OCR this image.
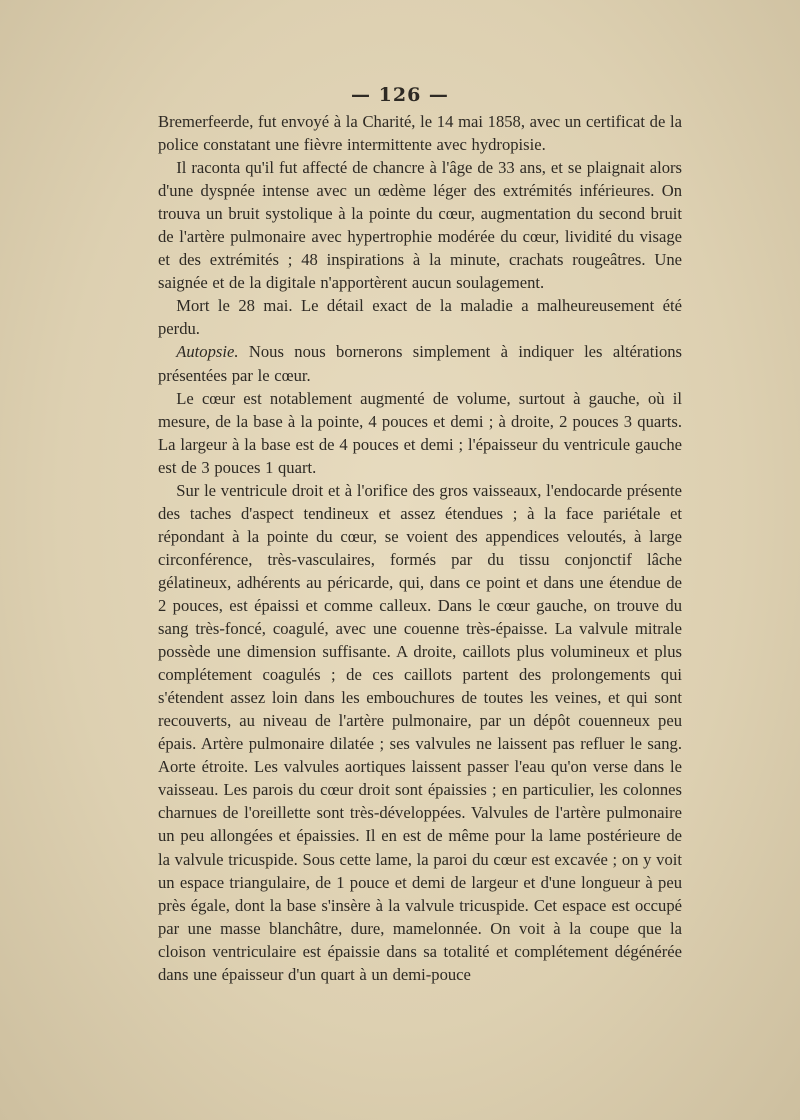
— 126 —

Bremerfeerde, fut envoyé à la Charité, le 14 mai 1858, avec un certificat de la police constatant une fièvre intermittente avec hydropisie.

Il raconta qu'il fut affecté de chancre à l'âge de 33 ans, et se plaignait alors d'une dyspnée intense avec un œdème léger des extrémités inférieures. On trouva un bruit systolique à la pointe du cœur, augmentation du second bruit de l'artère pulmonaire avec hypertrophie modérée du cœur, lividité du visage et des extrémités ; 48 inspirations à la minute, crachats rougeâtres. Une saignée et de la digitale n'apportèrent aucun soulagement.

Mort le 28 mai. Le détail exact de la maladie a malheureusement été perdu.

Autopsie. Nous nous bornerons simplement à indiquer les altérations présentées par le cœur.

Le cœur est notablement augmenté de volume, surtout à gauche, où il mesure, de la base à la pointe, 4 pouces et demi ; à droite, 2 pouces 3 quarts. La largeur à la base est de 4 pouces et demi ; l'épaisseur du ventricule gauche est de 3 pouces 1 quart.

Sur le ventricule droit et à l'orifice des gros vaisseaux, l'endocarde présente des taches d'aspect tendineux et assez étendues ; à la face pariétale et répondant à la pointe du cœur, se voient des appendices veloutés, à large circonférence, très-vasculaires, formés par du tissu conjonctif lâche gélatineux, adhérents au péricarde, qui, dans ce point et dans une étendue de 2 pouces, est épaissi et comme calleux. Dans le cœur gauche, on trouve du sang très-foncé, coagulé, avec une couenne très-épaisse. La valvule mitrale possède une dimension suffisante. A droite, caillots plus volumineux et plus complétement coagulés ; de ces caillots partent des prolongements qui s'étendent assez loin dans les embouchures de toutes les veines, et qui sont recouverts, au niveau de l'artère pulmonaire, par un dépôt couenneux peu épais. Artère pulmonaire dilatée ; ses valvules ne laissent pas refluer le sang. Aorte étroite. Les valvules aortiques laissent passer l'eau qu'on verse dans le vaisseau. Les parois du cœur droit sont épaissies ; en particulier, les colonnes charnues de l'oreillette sont très-développées. Valvules de l'artère pulmonaire un peu allongées et épaissies. Il en est de même pour la lame postérieure de la valvule tricuspide. Sous cette lame, la paroi du cœur est excavée ; on y voit un espace triangulaire, de 1 pouce et demi de largeur et d'une longueur à peu près égale, dont la base s'insère à la valvule tricuspide. Cet espace est occupé par une masse blanchâtre, dure, mamelonnée. On voit à la coupe que la cloison ventriculaire est épaissie dans sa totalité et complétement dégénérée dans une épaisseur d'un quart à un demi-pouce
